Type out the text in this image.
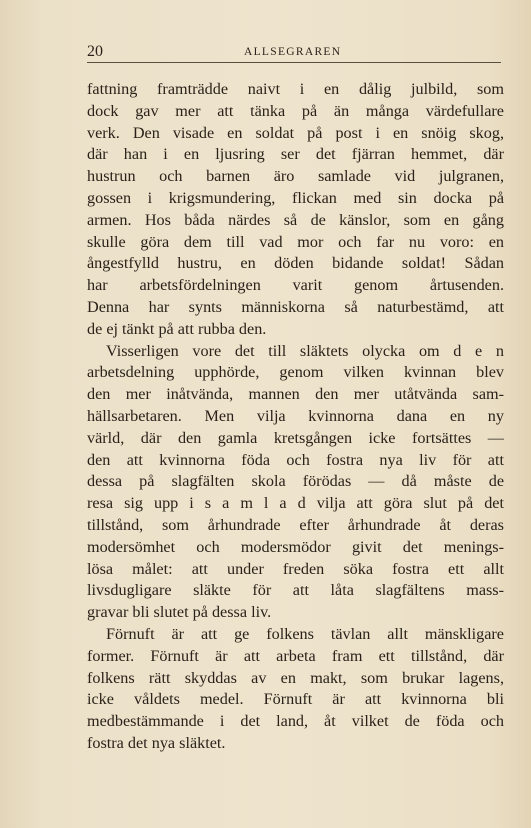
20	ALLSEGRAREN
fattning framträdde naivt i en dålig julbild, som
dock gav mer att tänka på än många värdefullare
verk. Den visade en soldat på post i en snöig skog,
där han i en ljusring ser det fjärran hemmet, där
hustrun och barnen äro samlade vid julgranen,
gossen i krigsmundering, flickan med sin docka på
armen. Hos båda närdes så de känslor, som en gång
skulle göra dem till vad mor och far nu voro: en
ångestfylld hustru, en döden bidande soldat! Sådan
har arbetsfördelningen varit genom årtusenden.
Denna har synts människorna så naturbestämd, att
de ej tänkt på att rubba den.
Visserligen vore det till släktets olycka om d e n
arbetsdelning upphörde, genom vilken kvinnan blev
den mer inåtvända, mannen den mer utåtvända sam-
hällsarbetaren. Men vilja kvinnorna dana en ny
värld, där den gamla kretsgången icke fortsättes —
den att kvinnorna föda och fostra nya liv för att
dessa på slagfälten skola förödas — då måste de
resa sig upp i s a m l a d vilja att göra slut på det
tillstånd, som århundrade efter århundrade åt deras
modersömhet och modersmödor givit det menings-
lösa målet: att under freden söka fostra ett allt
livsdugligare släkte för att låta slagfältens mass-
gravar bli slutet på dessa liv.
Förnuft är att ge folkens tävlan allt mänskligare
former. Förnuft är att arbeta fram ett tillstånd, där
folkens rätt skyddas av en makt, som brukar lagens,
icke våldets medel. Förnuft är att kvinnorna bli
medbestämmande i det land, åt vilket de föda och
fostra det nya släktet.
